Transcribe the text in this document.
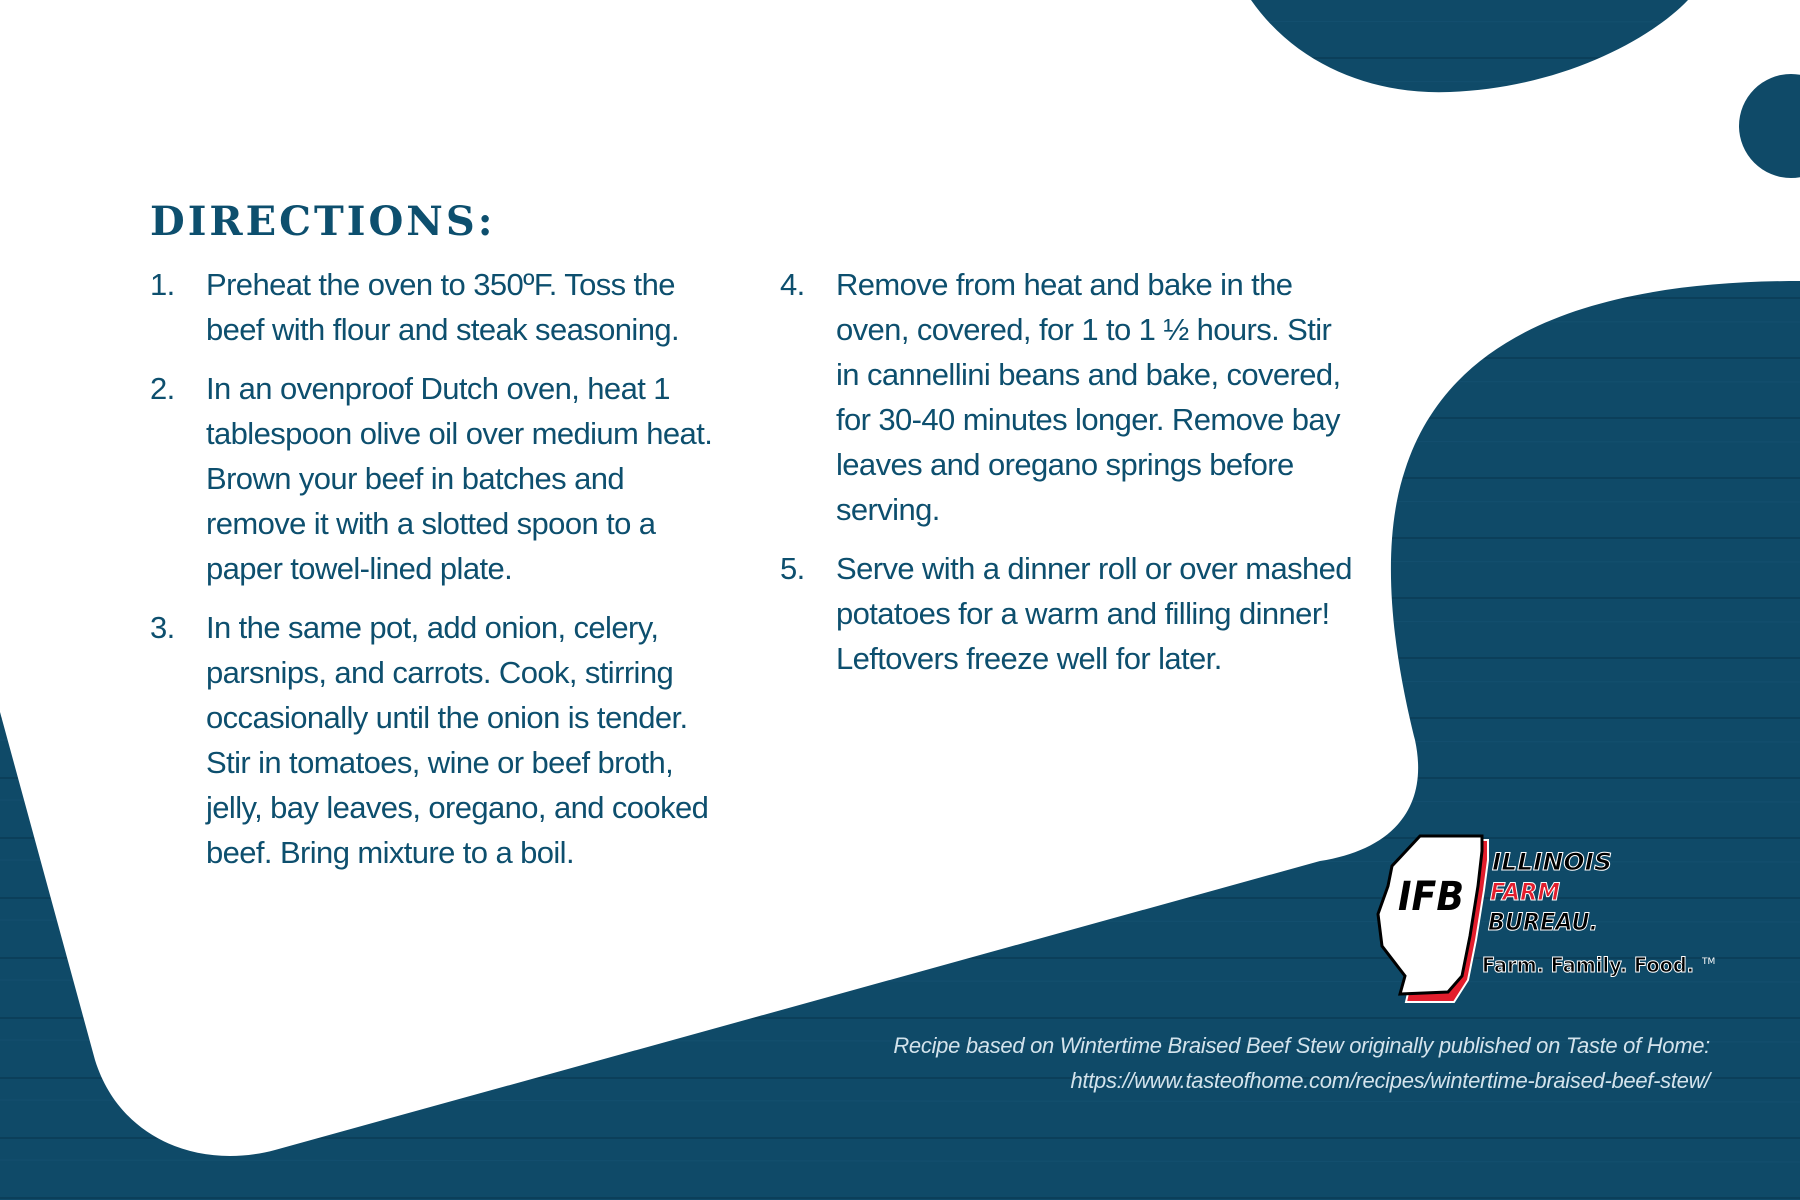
DIRECTIONS:
1.	Preheat the oven to 350ºF. Toss the beef with flour and steak seasoning.
2.	In an ovenproof Dutch oven, heat 1 tablespoon olive oil over medium heat. Brown your beef in batches and remove it with a slotted spoon to a paper towel-lined plate.
3.	In the same pot, add onion, celery, parsnips, and carrots. Cook, stirring occasionally until the onion is tender. Stir in tomatoes, wine or beef broth, jelly, bay leaves, oregano, and cooked beef. Bring mixture to a boil.
4.	Remove from heat and bake in the oven, covered, for 1 to 1 ½ hours. Stir in cannellini beans and bake, covered, for 30-40 minutes longer. Remove bay leaves and oregano springs before serving.
5.	Serve with a dinner roll or over mashed potatoes for a warm and filling dinner! Leftovers freeze well for later.
IFB
ILLINOIS
FARM
BUREAU.
Farm. Family. Food. TM
Recipe based on Wintertime Braised Beef Stew originally published on Taste of Home:
https://www.tasteofhome.com/recipes/wintertime-braised-beef-stew/
